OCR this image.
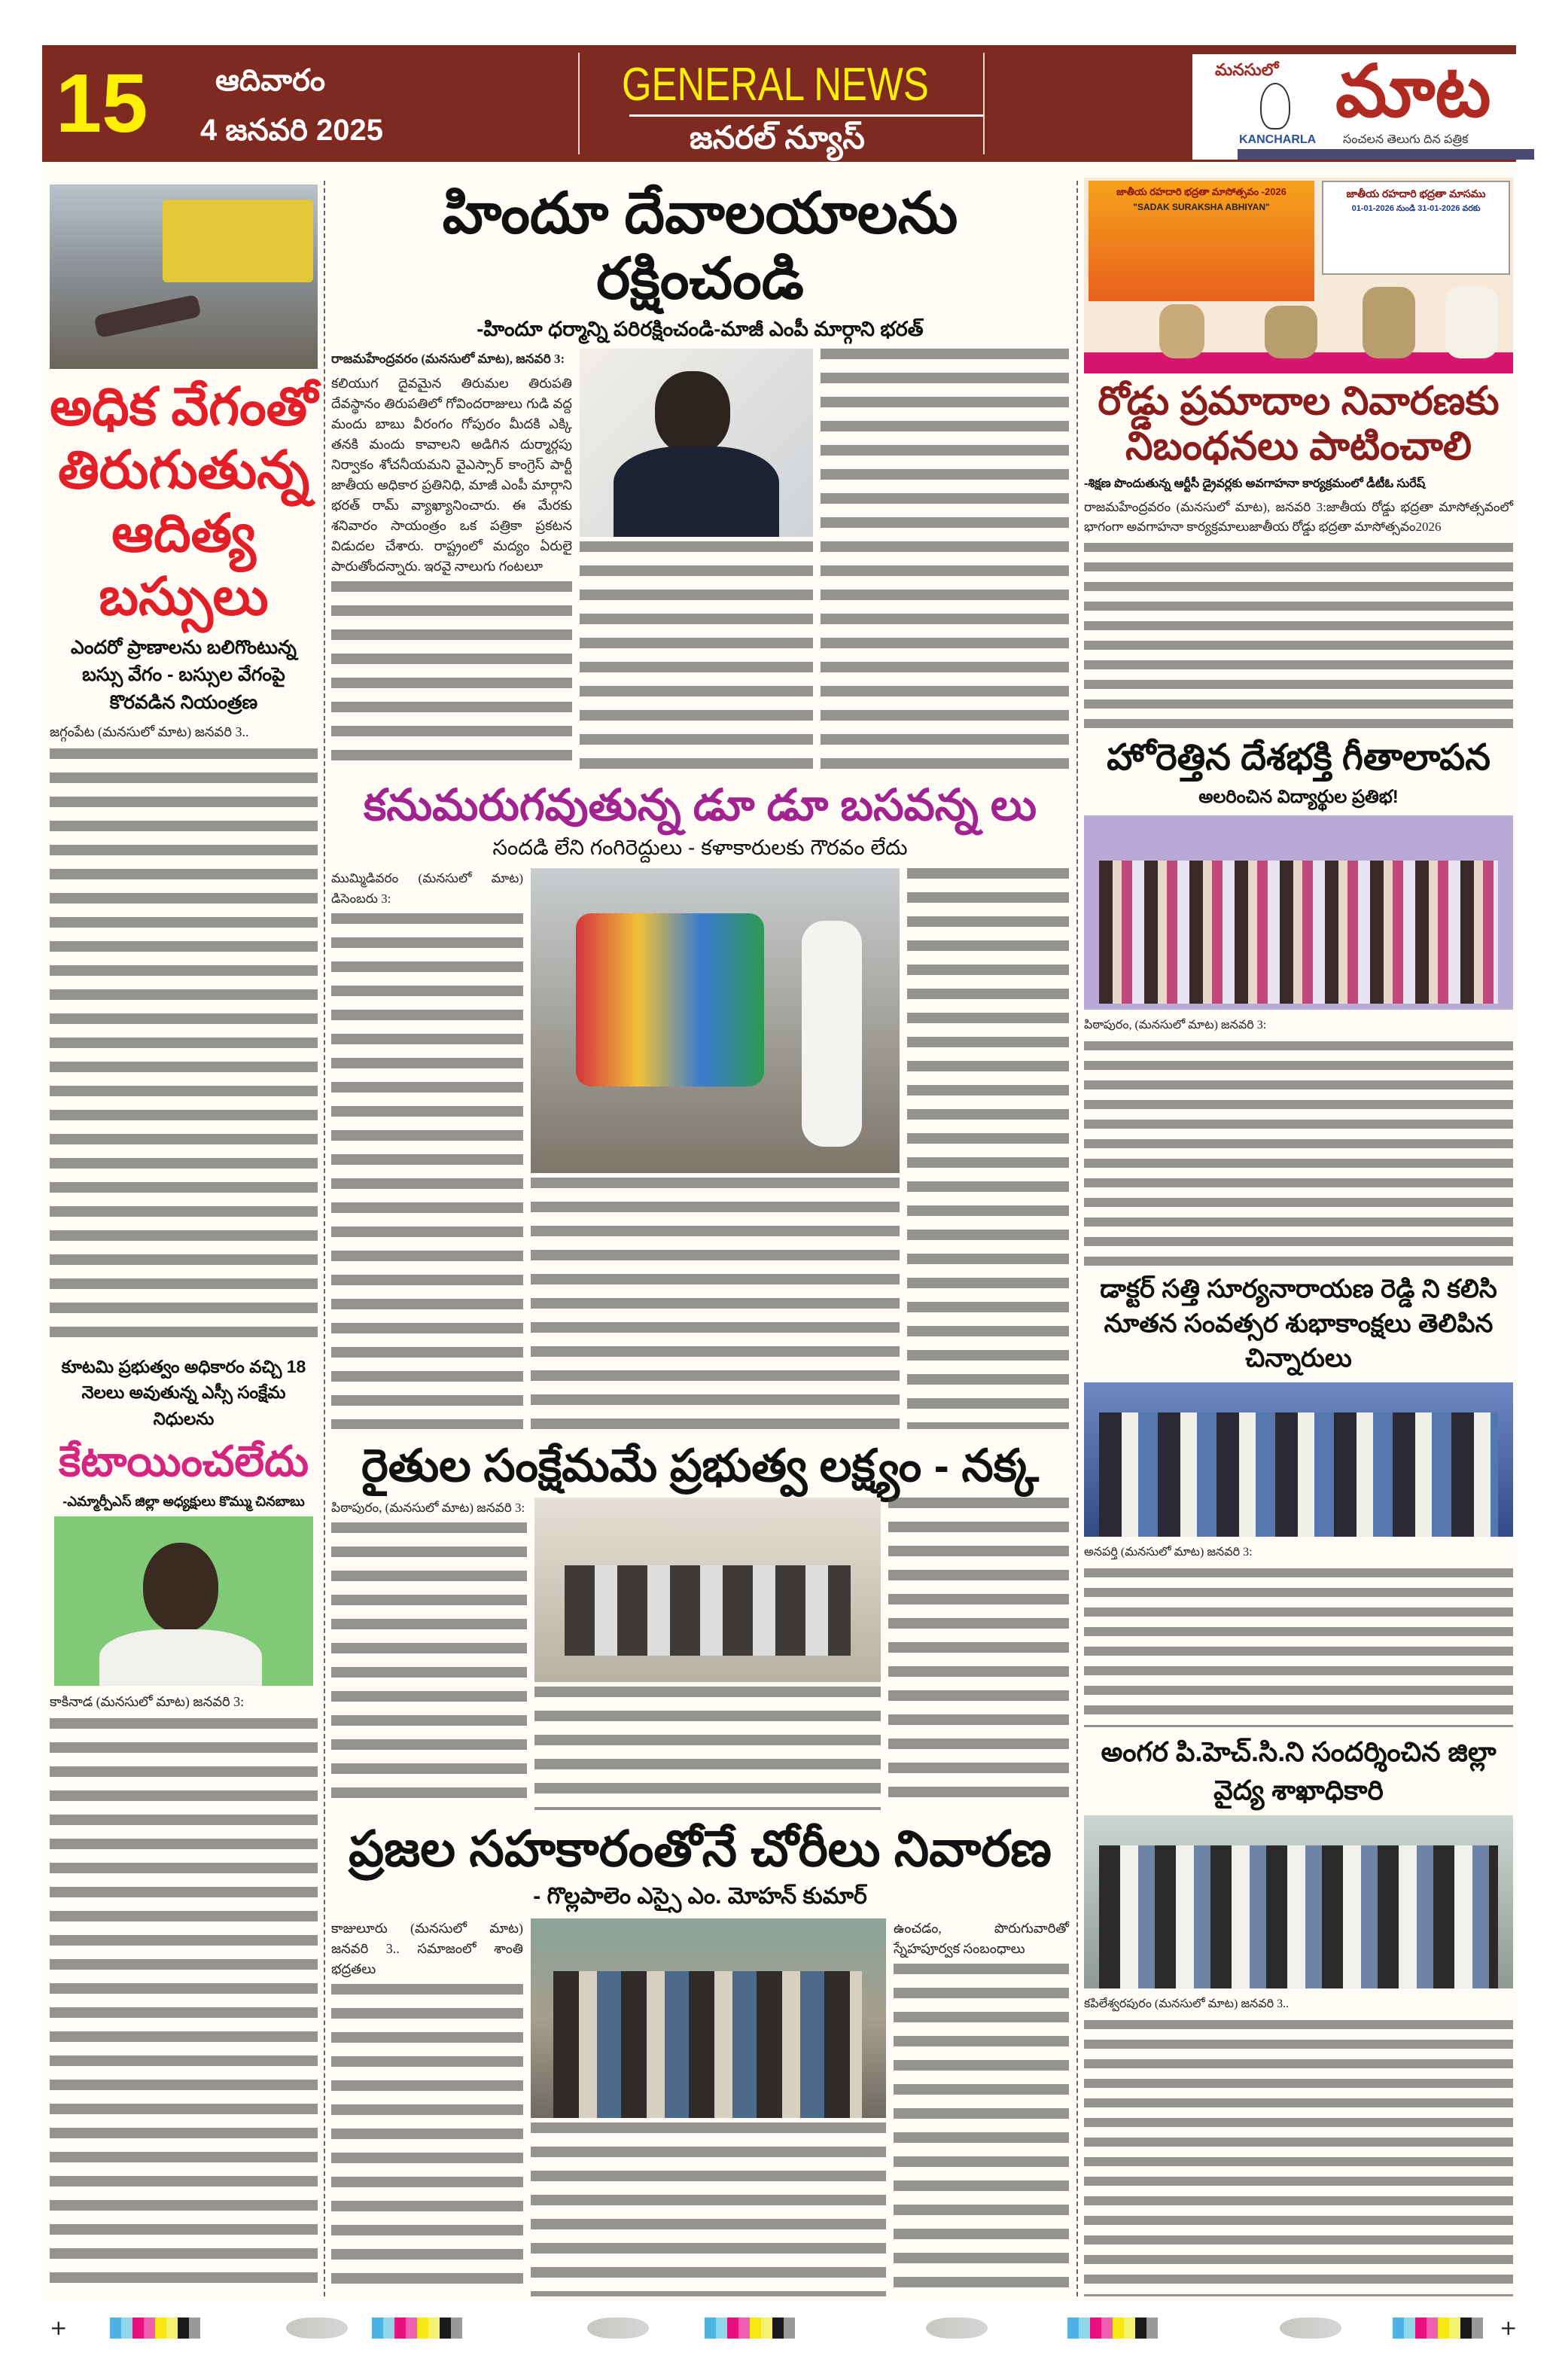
15 ఆదివారం
4 జనవరి 2025
GENERAL NEWS
జనరల్ న్యూస్
మనసులో మాట
KANCHARLA సంచలన తెలుగు దిన పత్రిక
అధిక వేగంతో తిరుగుతున్న ఆదిత్య బస్సులు
ఎందరో ప్రాణాలను బలిగొంటున్న బస్సు వేగం - బస్సుల వేగంపై కొరవడిన నియంత్రణ
జగ్గంపేట (మనసులో మాట) జనవరి 3..
కూటమి ప్రభుత్వం అధికారం వచ్చి 18 నెలలు అవుతున్న ఎస్సీ సంక్షేమ నిధులను
కేటాయించలేదు
-ఎమ్మార్పీఎస్ జిల్లా అధ్యక్షులు కొమ్ము చినబాబు
కాకినాడ (మనసులో మాట) జనవరి 3:
హిందూ దేవాలయాలను రక్షించండి
-హిందూ ధర్మాన్ని పరిరక్షించండి-మాజీ ఎంపీ మార్గాని భరత్
రాజమహేంద్రవరం (మనసులో మాట), జనవరి 3:
కలియుగ దైవమైన తిరుమల తిరుపతి దేవస్థానం తిరుపతిలో గోవిందరాజులు గుడి వద్ద మందు బాబు వీరంగం గోపురం మీదకి ఎక్కి తనకి మందు కావాలని అడిగిన దుర్మార్గపు నిర్వాకం శోచనీయమని వైఎస్సార్ కాంగ్రెస్ పార్టీ జాతీయ అధికార ప్రతినిధి, మాజీ ఎంపీ మార్గాని భరత్ రామ్ వ్యాఖ్యానించారు. ఈ మేరకు శనివారం సాయంత్రం ఒక పత్రికా ప్రకటన విడుదల చేశారు. రాష్ట్రంలో మద్యం ఏరులై పారుతోందన్నారు. ఇరవై నాలుగు గంటలూ
కనుమరుగవుతున్న డూ డూ బసవన్న లు
సందడి లేని గంగిరెద్దులు - కళాకారులకు గౌరవం లేదు
ముమ్మిడివరం (మనసులో మాట) డిసెంబరు 3:
రైతుల సంక్షేమమే ప్రభుత్వ లక్ష్యం - నక్క
పిఠాపురం, (మనసులో మాట) జనవరి 3:
ప్రజల సహకారంతోనే చోరీలు నివారణ
- గొల్లపాలెం ఎస్సై ఎం. మోహన్ కుమార్
కాజులూరు (మనసులో మాట) జనవరి 3.. సమాజంలో శాంతి భద్రతలు
ఉంచడం, పొరుగువారితో స్నేహపూర్వక సంబంధాలు
జాతీయ రహదారి భద్రతా మాసోత్సవం -2026
"SADAK SURAKSHA ABHIYAN"
జాతీయ రహదారి భద్రతా మాసము
01-01-2026 నుండి 31-01-2026 వరకు
రోడ్డు ప్రమాదాల నివారణకు నిబంధనలు పాటించాలి
-శిక్షణ పొందుతున్న ఆర్టీసీ డ్రైవర్లకు అవగాహనా కార్యక్రమంలో డీటీఓ సురేష్
రాజమహేంద్రవరం (మనసులో మాట), జనవరి 3:జాతీయ రోడ్డు భద్రతా మాసోత్సవంలో భాగంగా అవగాహనా కార్యక్రమాలుజాతీయ రోడ్డు భద్రతా మాసోత్సవం2026
హోరెత్తిన దేశభక్తి గీతాలాపన
అలరించిన విద్యార్థుల ప్రతిభ!
పిఠాపురం, (మనసులో మాట) జనవరి 3:
డాక్టర్ సత్తి సూర్యనారాయణ రెడ్డి ని కలిసి నూతన సంవత్సర శుభాకాంక్షలు తెలిపిన చిన్నారులు
అనపర్తి (మనసులో మాట) జనవరి 3:
అంగర పి.హెచ్.సి.ని సందర్శించిన జిల్లా వైద్య శాఖాధికారి
కపిలేశ్వరపురం (మనసులో మాట) జనవరి 3..
+	+
